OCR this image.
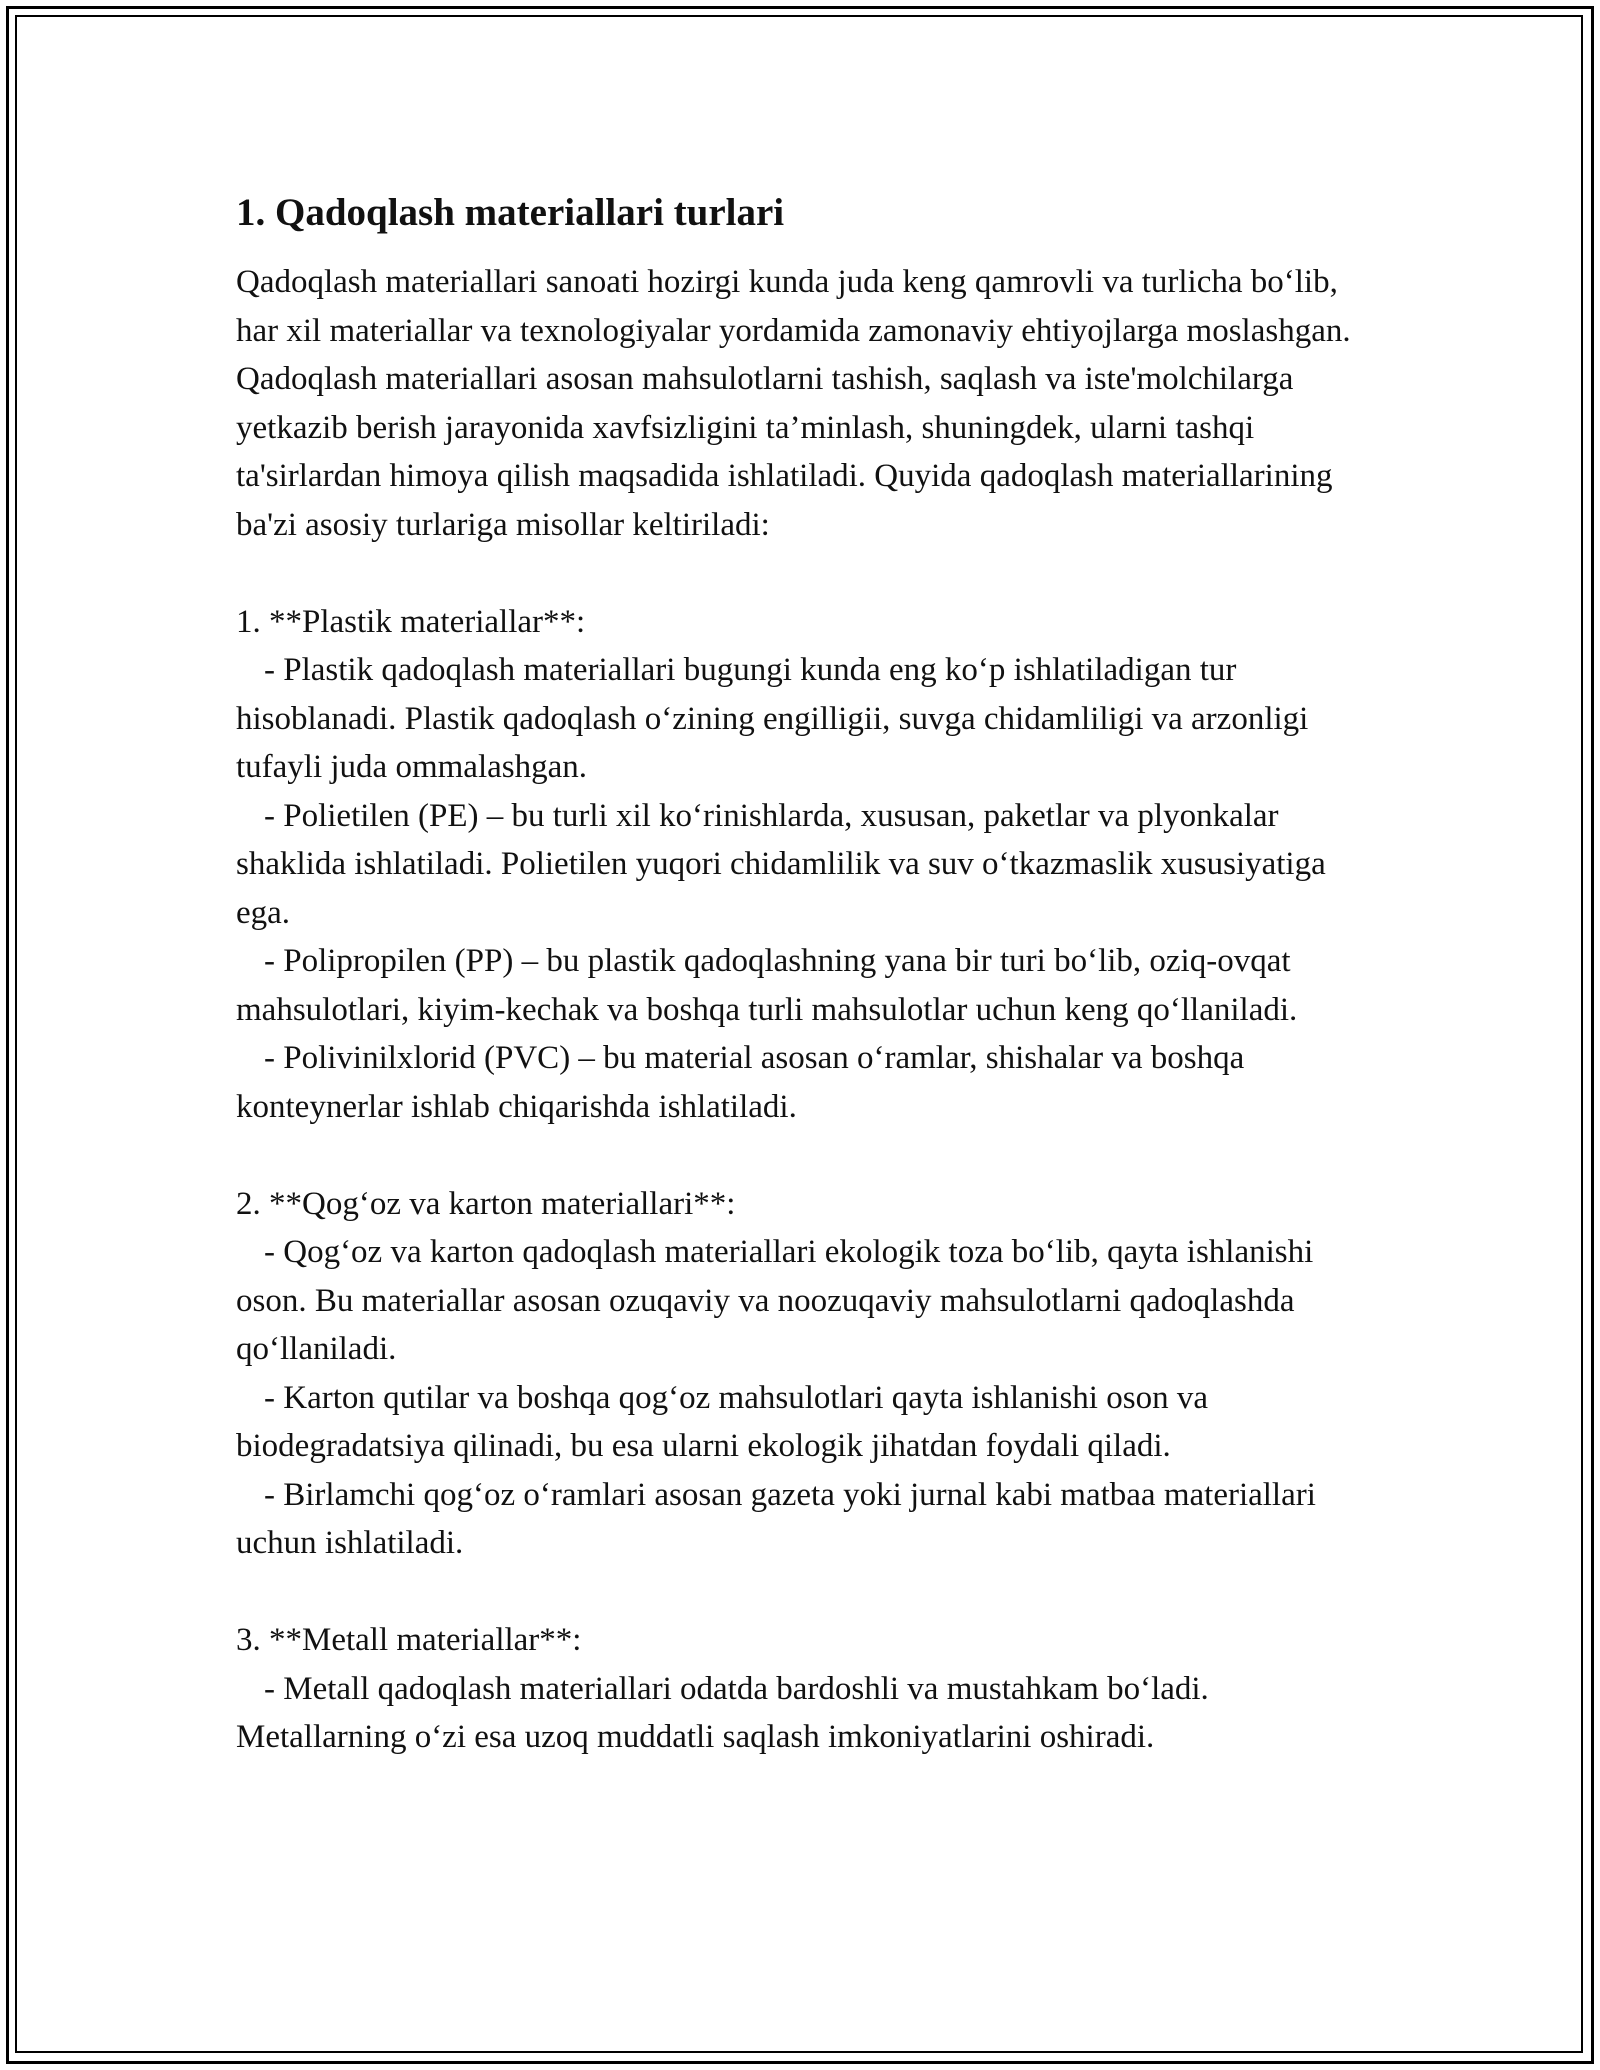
1. Qadoqlash materiallari turlari

Qadoqlash materiallari sanoati hozirgi kunda juda keng qamrovli va turlicha bo‘lib, har xil materiallar va texnologiyalar yordamida zamonaviy ehtiyojlarga moslashgan. Qadoqlash materiallari asosan mahsulotlarni tashish, saqlash va iste'molchilarga yetkazib berish jarayonida xavfsizligini ta’minlash, shuningdek, ularni tashqi ta'sirlardan himoya qilish maqsadida ishlatiladi. Quyida qadoqlash materiallarining ba'zi asosiy turlariga misollar keltiriladi:

1. **Plastik materiallar**:

- Plastik qadoqlash materiallari bugungi kunda eng ko‘p ishlatiladigan tur hisoblanadi. Plastik qadoqlash o‘zining engilligii, suvga chidamliligi va arzonligi tufayli juda ommalashgan.

- Polietilen (PE) – bu turli xil ko‘rinishlarda, xususan, paketlar va plyonkalar shaklida ishlatiladi. Polietilen yuqori chidamlilik va suv o‘tkazmaslik xususiyatiga ega.

- Polipropilen (PP) – bu plastik qadoqlashning yana bir turi bo‘lib, oziq-ovqat mahsulotlari, kiyim-kechak va boshqa turli mahsulotlar uchun keng qo‘llaniladi.

- Polivinilxlorid (PVC) – bu material asosan o‘ramlar, shishalar va boshqa konteynerlar ishlab chiqarishda ishlatiladi.

2. **Qog‘oz va karton materiallari**:

- Qog‘oz va karton qadoqlash materiallari ekologik toza bo‘lib, qayta ishlanishi oson. Bu materiallar asosan ozuqaviy va noozuqaviy mahsulotlarni qadoqlashda qo‘llaniladi.

- Karton qutilar va boshqa qog‘oz mahsulotlari qayta ishlanishi oson va biodegradatsiya qilinadi, bu esa ularni ekologik jihatdan foydali qiladi.

- Birlamchi qog‘oz o‘ramlari asosan gazeta yoki jurnal kabi matbaa materiallari uchun ishlatiladi.

3. **Metall materiallar**:

- Metall qadoqlash materiallari odatda bardoshli va mustahkam bo‘ladi. Metallarning o‘zi esa uzoq muddatli saqlash imkoniyatlarini oshiradi.
